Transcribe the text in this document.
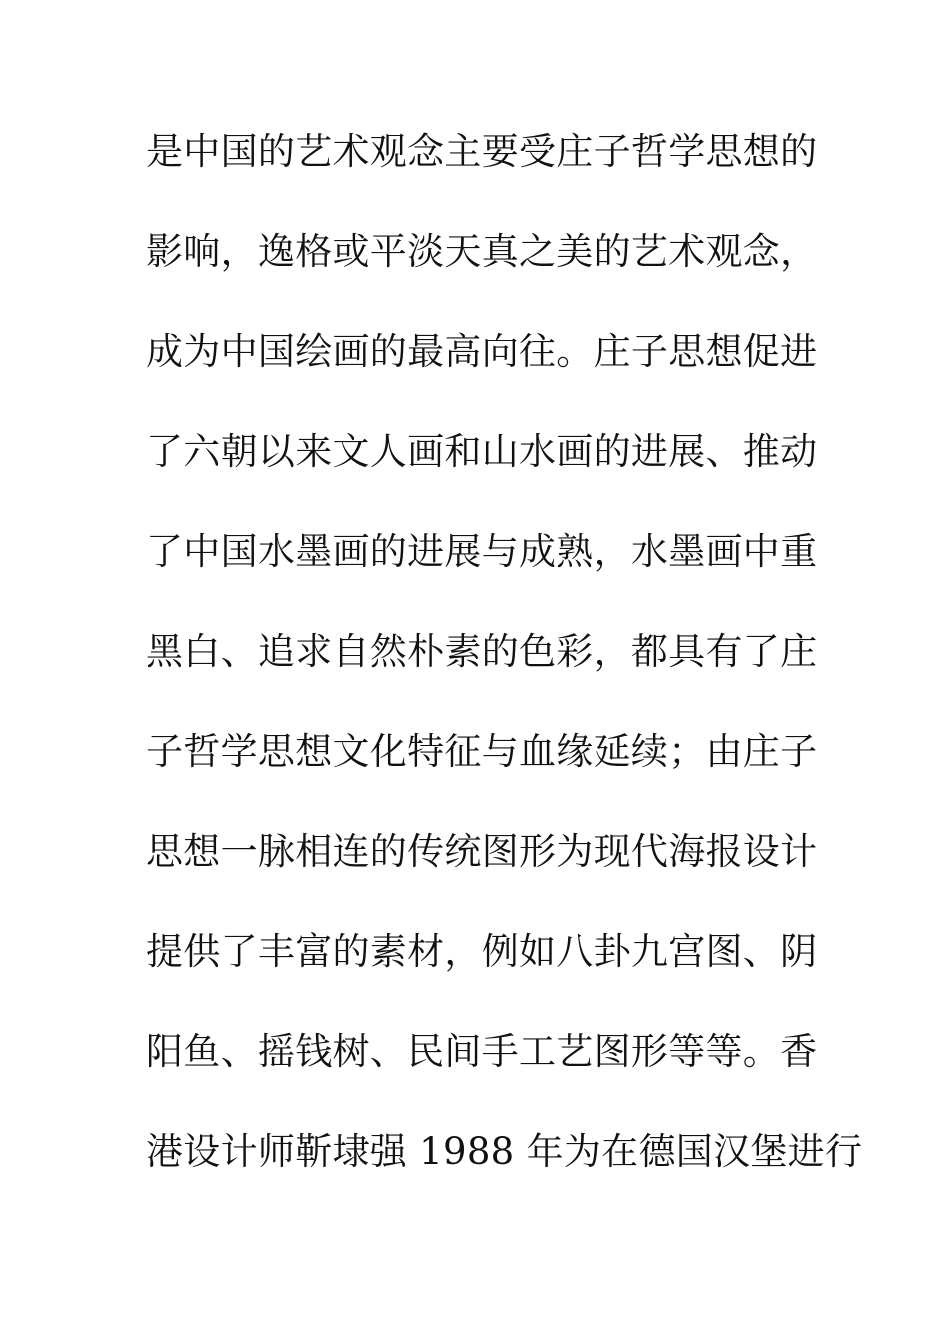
是中国的艺术观念主要受庄子哲学思想的
影响，逸格或平淡天真之美的艺术观念，
成为中国绘画的最高向往。庄子思想促进
了六朝以来文人画和山水画的进展、推动
了中国水墨画的进展与成熟，水墨画中重
黑白、追求自然朴素的色彩，都具有了庄
子哲学思想文化特征与血缘延续；由庄子
思想一脉相连的传统图形为现代海报设计
提供了丰富的素材，例如八卦九宫图、阴
阳鱼、摇钱树、民间手工艺图形等等。香
港设计师靳埭强 1988 年为在德国汉堡进行
